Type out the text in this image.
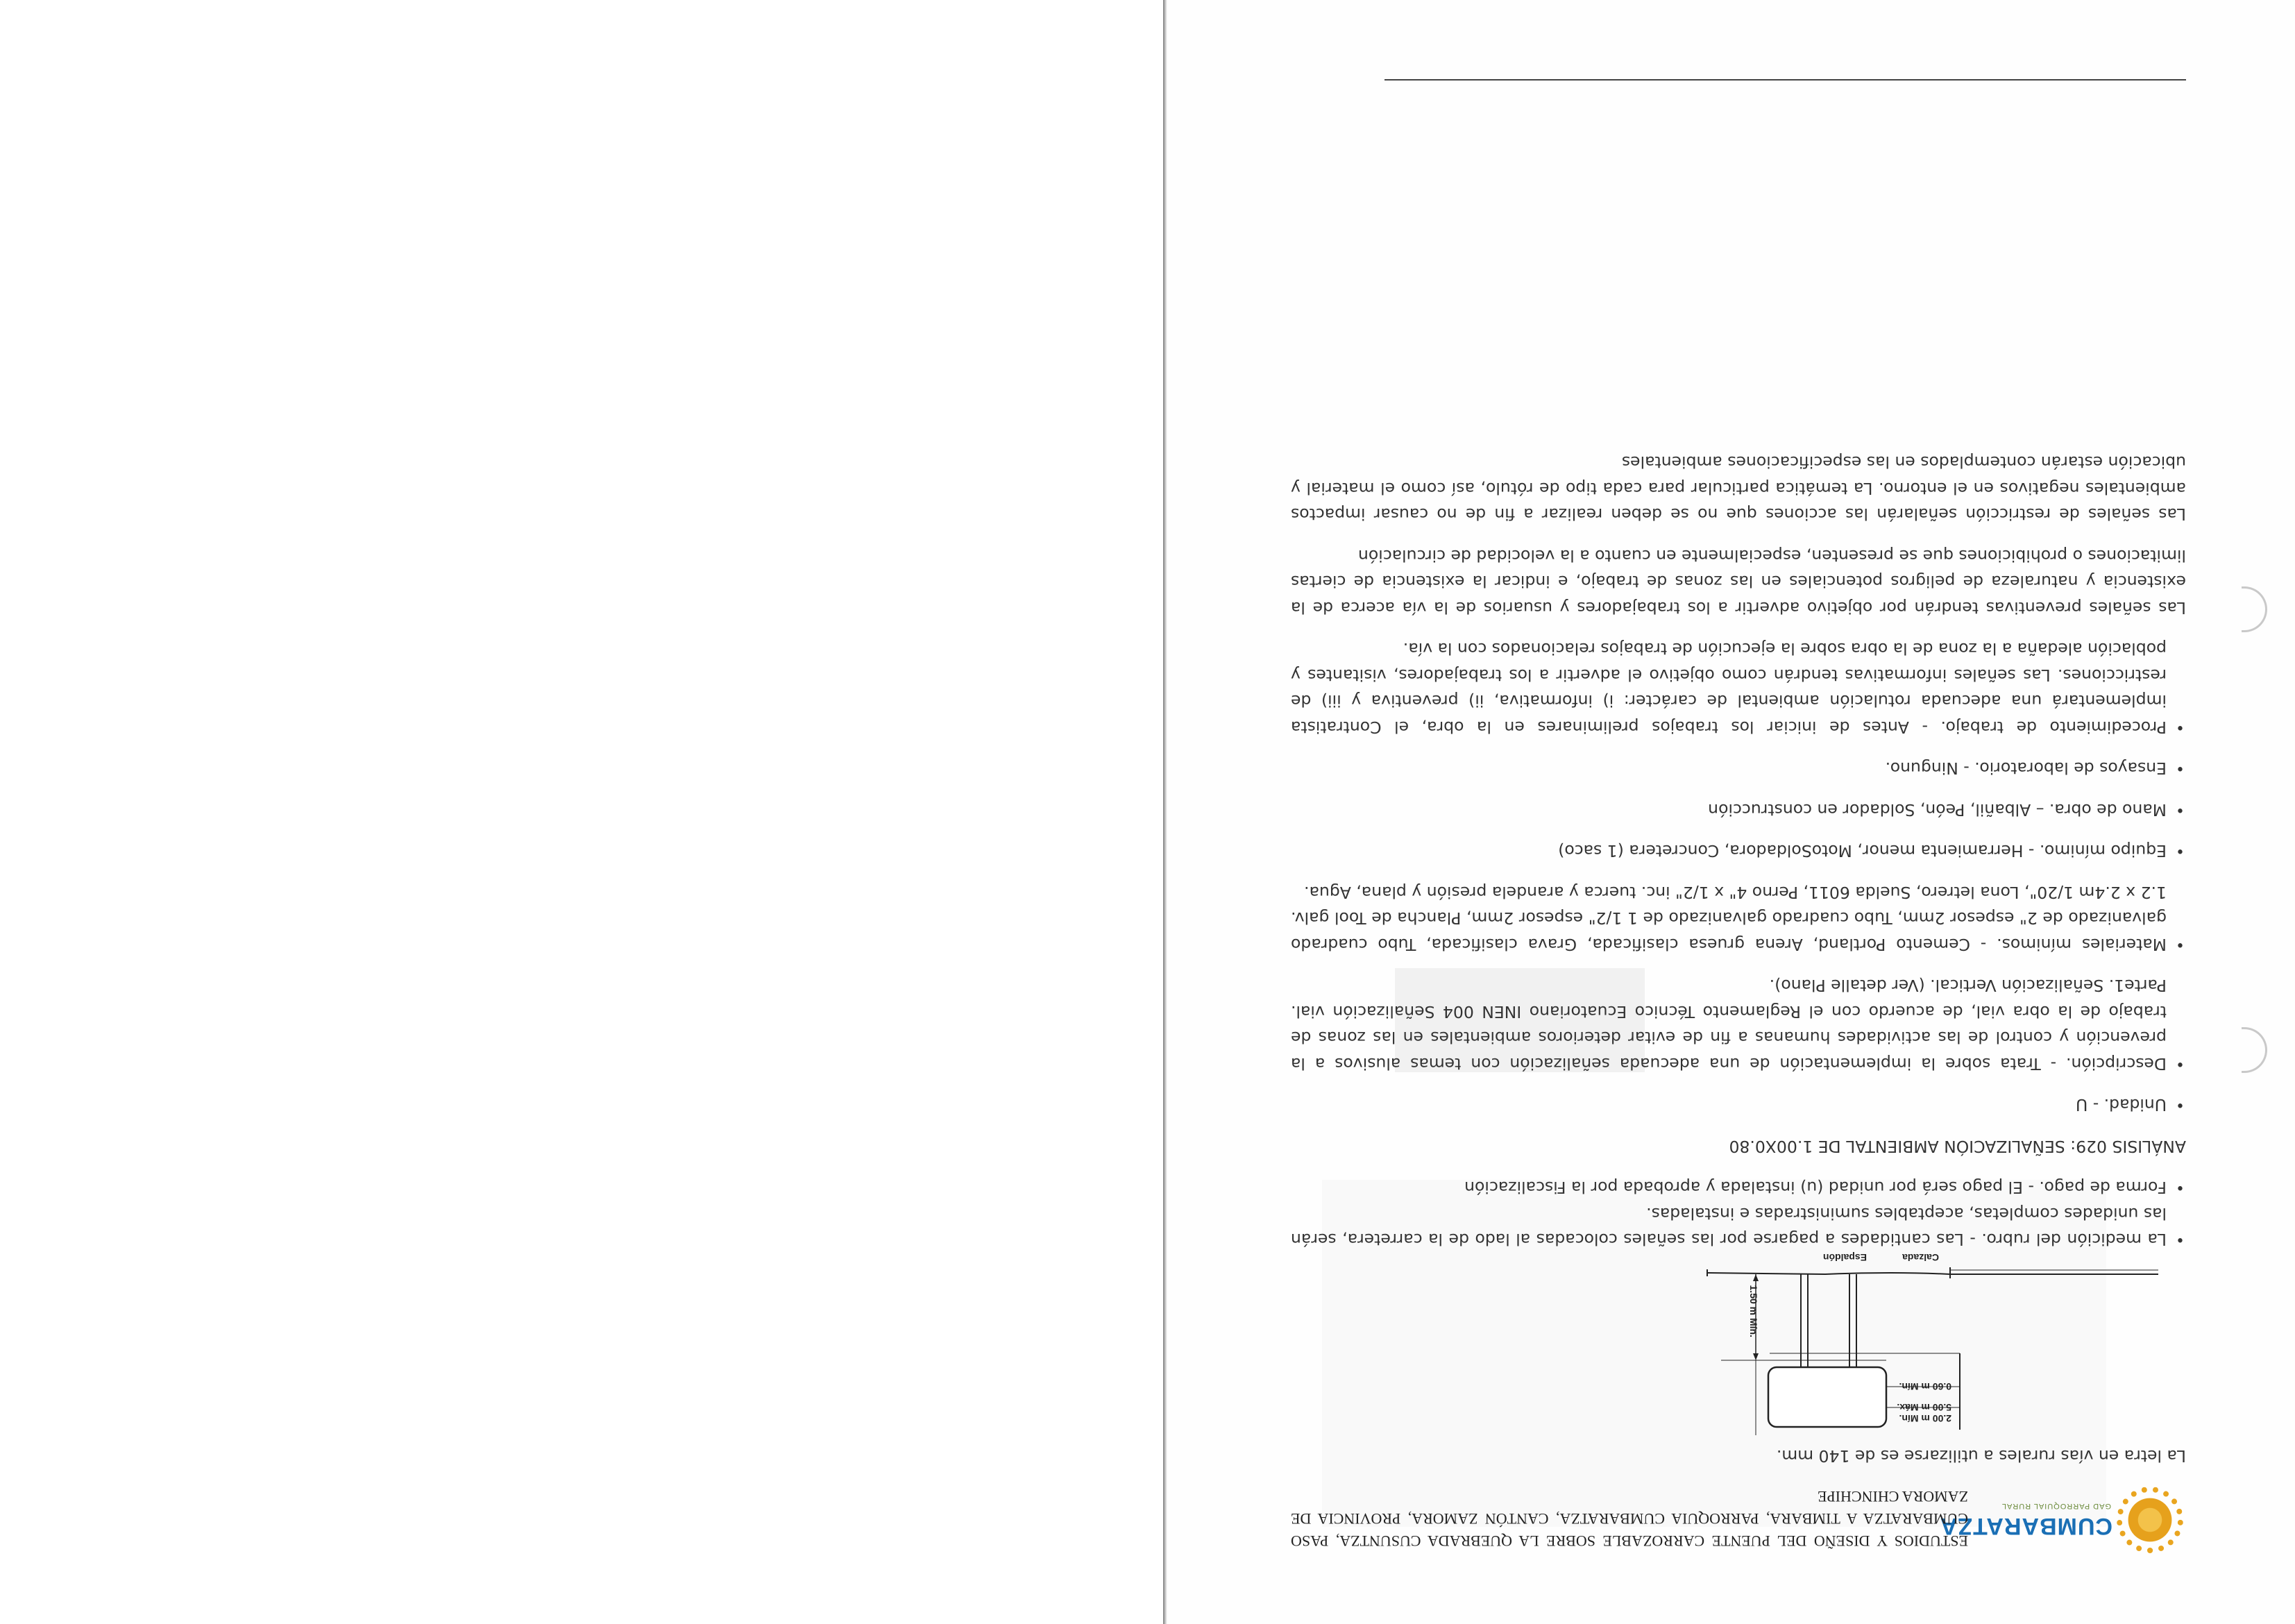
CUMBARATZA
GAD PARROQUIAL RURAL
ESTUDIOS Y DISEÑO DEL PUENTE CARROZABLE SOBRE LA QUEBRADA CUSUNTZA, PASO CUMBARATZA A TIMBARA, PARROQUIA CUMBARATZA, CANTÓN ZAMORA, PROVINCIA DE ZAMORA CHINCHIPE

La letra en vías rurales a utilizarse es de 140 mm.

5.00 m Máx.
2.00 m Mín.
0.60 m Mín.
1.50 m Mín.
Espaldón	Calzada
• La medición del rubro. - Las cantidades a pagarse por las señales colocadas al lado de la carretera, serán las unidades completas, aceptables suministradas e instaladas.
• Forma de pago. - El pago será por unidad (u) instalada y aprobada por la Fiscalización

ANÁLISIS 029: SEÑALIZACIÓN AMBIENTAL DE 1.00X0.80

• Unidad. - U
• Descripción. - Trata sobre la implementación de una adecuada señalización con temas alusivos a la prevención y control de las actividades humanas a fin de evitar deterioros ambientales en las zonas de trabajo de la obra vial, de acuerdo con el Reglamento Técnico Ecuatoriano INEN 004 Señalización vial. Parte1. Señalización Vertical. (Ver detalle Plano).
• Materiales mínimos. - Cemento Portland, Arena gruesa clasificada, Grava clasificada, Tubo cuadrado galvanizado de 2" espesor 2mm, Tubo cuadrado galvanizado de 1 1/2" espesor 2mm, Plancha de Tool galv. 1.2 x 2.4m 1/20", Lona letrero, Suelda 6011, Perno 4" x 1/2" inc. tuerca y arandela presión y plana, Agua.
• Equipo mínimo. - Herramienta menor, MotoSoldadora, Concretera (1 saco)
• Mano de obra. – Albañil, Peón, Soldador en construcción
• Ensayos de laboratorio. - Ninguno.
• Procedimiento de trabajo. - Antes de iniciar los trabajos preliminares en la obra, el Contratista implementará una adecuada rotulación ambiental de carácter: i) informativa, ii) preventiva y iii) de restricciones. Las señales informativas tendrán como objetivo el advertir a los trabajadores, visitantes y población aledaña a la zona de la obra sobre la ejecución de trabajos relacionados con la vía.

Las señales preventivas tendrán por objetivo advertir a los trabajadores y usuarios de la vía acerca de la existencia y naturaleza de peligros potenciales en las zonas de trabajo, e indicar la existencia de ciertas limitaciones o prohibiciones que se presenten, especialmente en cuanto a la velocidad de circulación

Las señales de restricción señalarán las acciones que no se deben realizar a fin de no causar impactos ambientales negativos en el entorno. La temática particular para cada tipo de rótulo, así como el material y ubicación estarán contemplados en las especificaciones ambientales
